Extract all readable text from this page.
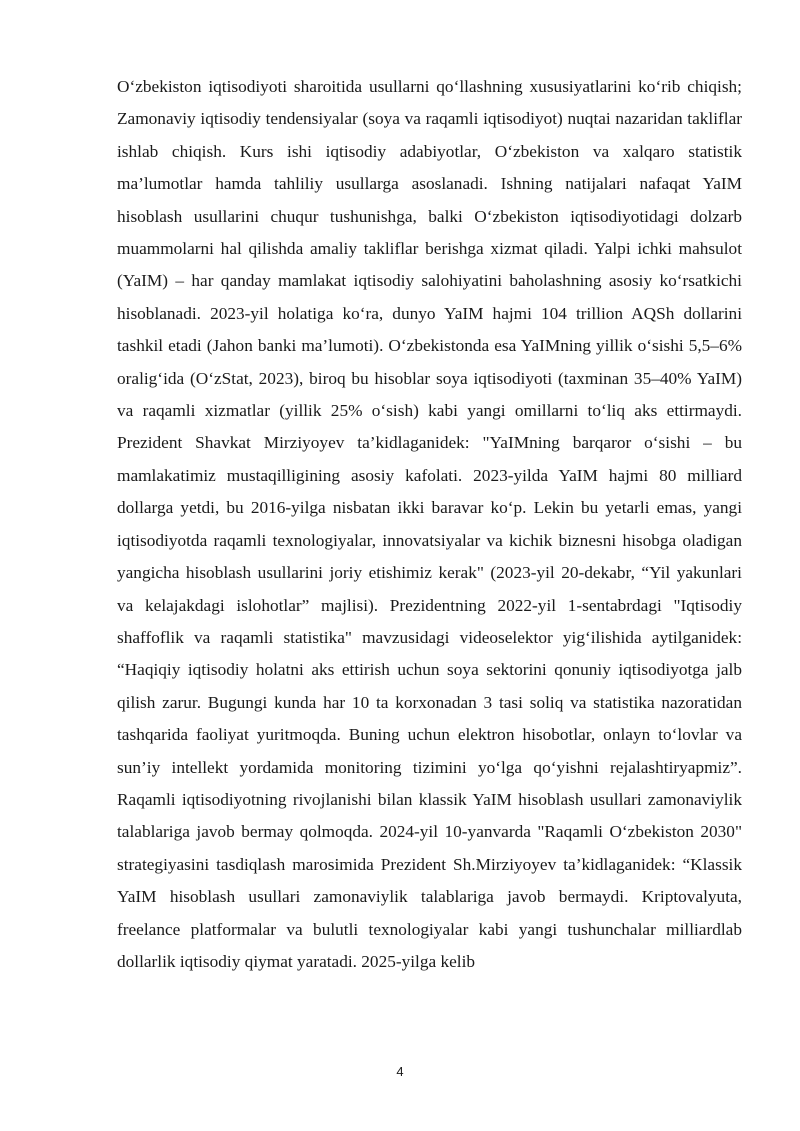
O‘zbekiston iqtisodiyoti sharoitida usullarni qo‘llashning xususiyatlarini ko‘rib chiqish; Zamonaviy iqtisodiy tendensiyalar (soya va raqamli iqtisodiyot) nuqtai nazaridan takliflar ishlab chiqish. Kurs ishi iqtisodiy adabiyotlar, O‘zbekiston va xalqaro statistik ma’lumotlar hamda tahliliy usullarga asoslanadi. Ishning natijalari nafaqat YaIM hisoblash usullarini chuqur tushunishga, balki O‘zbekiston iqtisodiyotidagi dolzarb muammolarni hal qilishda amaliy takliflar berishga xizmat qiladi. Yalpi ichki mahsulot (YaIM) – har qanday mamlakat iqtisodiy salohiyatini baholashning asosiy ko‘rsatkichi hisoblanadi. 2023-yil holatiga ko‘ra, dunyo YaIM hajmi 104 trillion AQSh dollarini tashkil etadi (Jahon banki ma’lumoti). O‘zbekistonda esa YaIMning yillik o‘sishi 5,5–6% oralig‘ida (O‘zStat, 2023), biroq bu hisoblar soya iqtisodiyoti (taxminan 35–40% YaIM) va raqamli xizmatlar (yillik 25% o‘sish) kabi yangi omillarni to‘liq aks ettirmaydi. Prezident Shavkat Mirziyoyev ta’kidlaganidek: "YaIMning barqaror o‘sishi – bu mamlakatimiz mustaqilligining asosiy kafolati. 2023-yilda YaIM hajmi 80 milliard dollarga yetdi, bu 2016-yilga nisbatan ikki baravar ko‘p. Lekin bu yetarli emas, yangi iqtisodiyotda raqamli texnologiyalar, innovatsiyalar va kichik biznesni hisobga oladigan yangicha hisoblash usullarini joriy etishimiz kerak" (2023-yil 20-dekabr, “Yil yakunlari va kelajakdagi islohotlar” majlisi). Prezidentning 2022-yil 1-sentabrdagi "Iqtisodiy shaffoflik va raqamli statistika" mavzusidagi videoselektor yig‘ilishida aytilganidek: “Haqiqiy iqtisodiy holatni aks ettirish uchun soya sektorini qonuniy iqtisodiyotga jalb qilish zarur. Bugungi kunda har 10 ta korxonadan 3 tasi soliq va statistika nazoratidan tashqarida faoliyat yuritmoqda. Buning uchun elektron hisobotlar, onlayn to‘lovlar va sun’iy intellekt yordamida monitoring tizimini yo‘lga qo‘yishni rejalashtiryapmiz”. Raqamli iqtisodiyotning rivojlanishi bilan klassik YaIM hisoblash usullari zamonaviylik talablariga javob bermay qolmoqda. 2024-yil 10-yanvarda "Raqamli O‘zbekiston 2030" strategiyasini tasdiqlash marosimida Prezident Sh.Mirziyoyev ta’kidlaganidek: “Klassik YaIM hisoblash usullari zamonaviylik talablariga javob bermaydi. Kriptovalyuta, freelance platformalar va bulutli texnologiyalar kabi yangi tushunchalar milliardlab dollarlik iqtisodiy qiymat yaratadi. 2025-yilga kelib

4
